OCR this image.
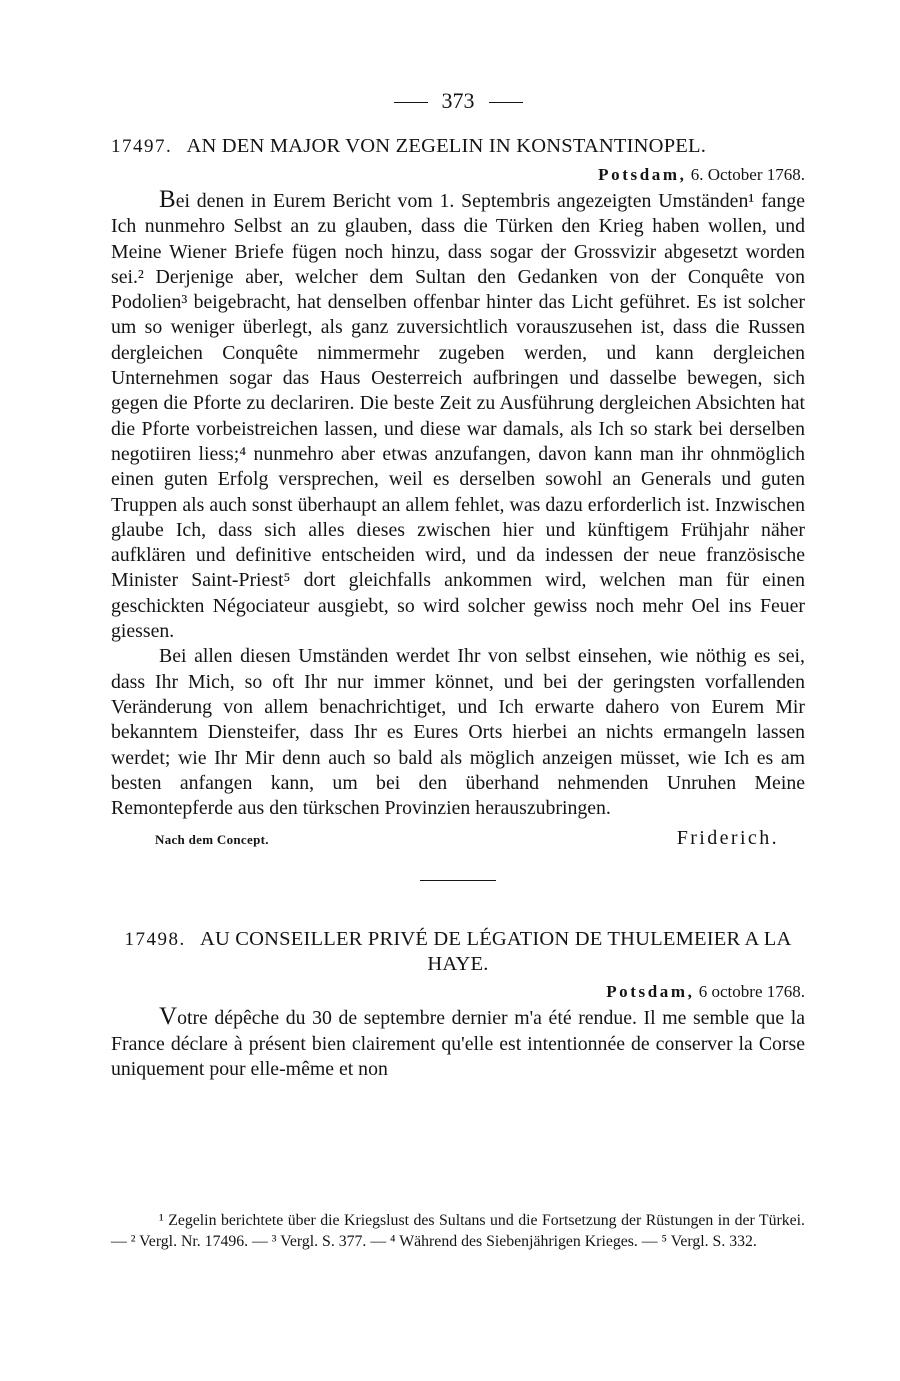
373
17497. AN DEN MAJOR VON ZEGELIN IN KONSTANTINOPEL.
Potsdam, 6. October 1768.

Bei denen in Eurem Bericht vom 1. Septembris angezeigten Umständen¹ fange Ich nunmehro Selbst an zu glauben, dass die Türken den Krieg haben wollen, und Meine Wiener Briefe fügen noch hinzu, dass sogar der Grossvizir abgesetzt worden sei.² Derjenige aber, welcher dem Sultan den Gedanken von der Conquête von Podolien³ beigebracht, hat denselben offenbar hinter das Licht geführet. Es ist solcher um so weniger überlegt, als ganz zuversichtlich vorauszusehen ist, dass die Russen dergleichen Conquête nimmermehr zugeben werden, und kann dergleichen Unternehmen sogar das Haus Oesterreich aufbringen und dasselbe bewegen, sich gegen die Pforte zu declariren. Die beste Zeit zu Ausführung dergleichen Absichten hat die Pforte vorbeistreichen lassen, und diese war damals, als Ich so stark bei derselben negotiiren liess;⁴ nunmehro aber etwas anzufangen, davon kann man ihr ohnmöglich einen guten Erfolg versprechen, weil es derselben sowohl an Generals und guten Truppen als auch sonst überhaupt an allem fehlet, was dazu erforderlich ist. Inzwischen glaube Ich, dass sich alles dieses zwischen hier und künftigem Frühjahr näher aufklären und definitive entscheiden wird, und da indessen der neue französische Minister Saint-Priest⁵ dort gleichfalls ankommen wird, welchen man für einen geschickten Négociateur ausgiebt, so wird solcher gewiss noch mehr Oel ins Feuer giessen.

Bei allen diesen Umständen werdet Ihr von selbst einsehen, wie nöthig es sei, dass Ihr Mich, so oft Ihr nur immer könnet, und bei der geringsten vorfallenden Veränderung von allem benachrichtiget, und Ich erwarte dahero von Eurem Mir bekanntem Diensteifer, dass Ihr es Eures Orts hierbei an nichts ermangeln lassen werdet; wie Ihr Mir denn auch so bald als möglich anzeigen müsset, wie Ich es am besten anfangen kann, um bei den überhand nehmenden Unruhen Meine Remontepferde aus den türkschen Provinzien herauszubringen.

Nach dem Concept.	Friderich.
17498. AU CONSEILLER PRIVÉ DE LÉGATION DE THULEMEIER A LA HAYE.
Potsdam, 6 octobre 1768.

Votre dépêche du 30 de septembre dernier m'a été rendue. Il me semble que la France déclare à présent bien clairement qu'elle est intentionnée de conserver la Corse uniquement pour elle-même et non

¹ Zegelin berichtete über die Kriegslust des Sultans und die Fortsetzung der Rüstungen in der Türkei. — ² Vergl. Nr. 17496. — ³ Vergl. S. 377. — ⁴ Während des Siebenjährigen Krieges. — ⁵ Vergl. S. 332.
